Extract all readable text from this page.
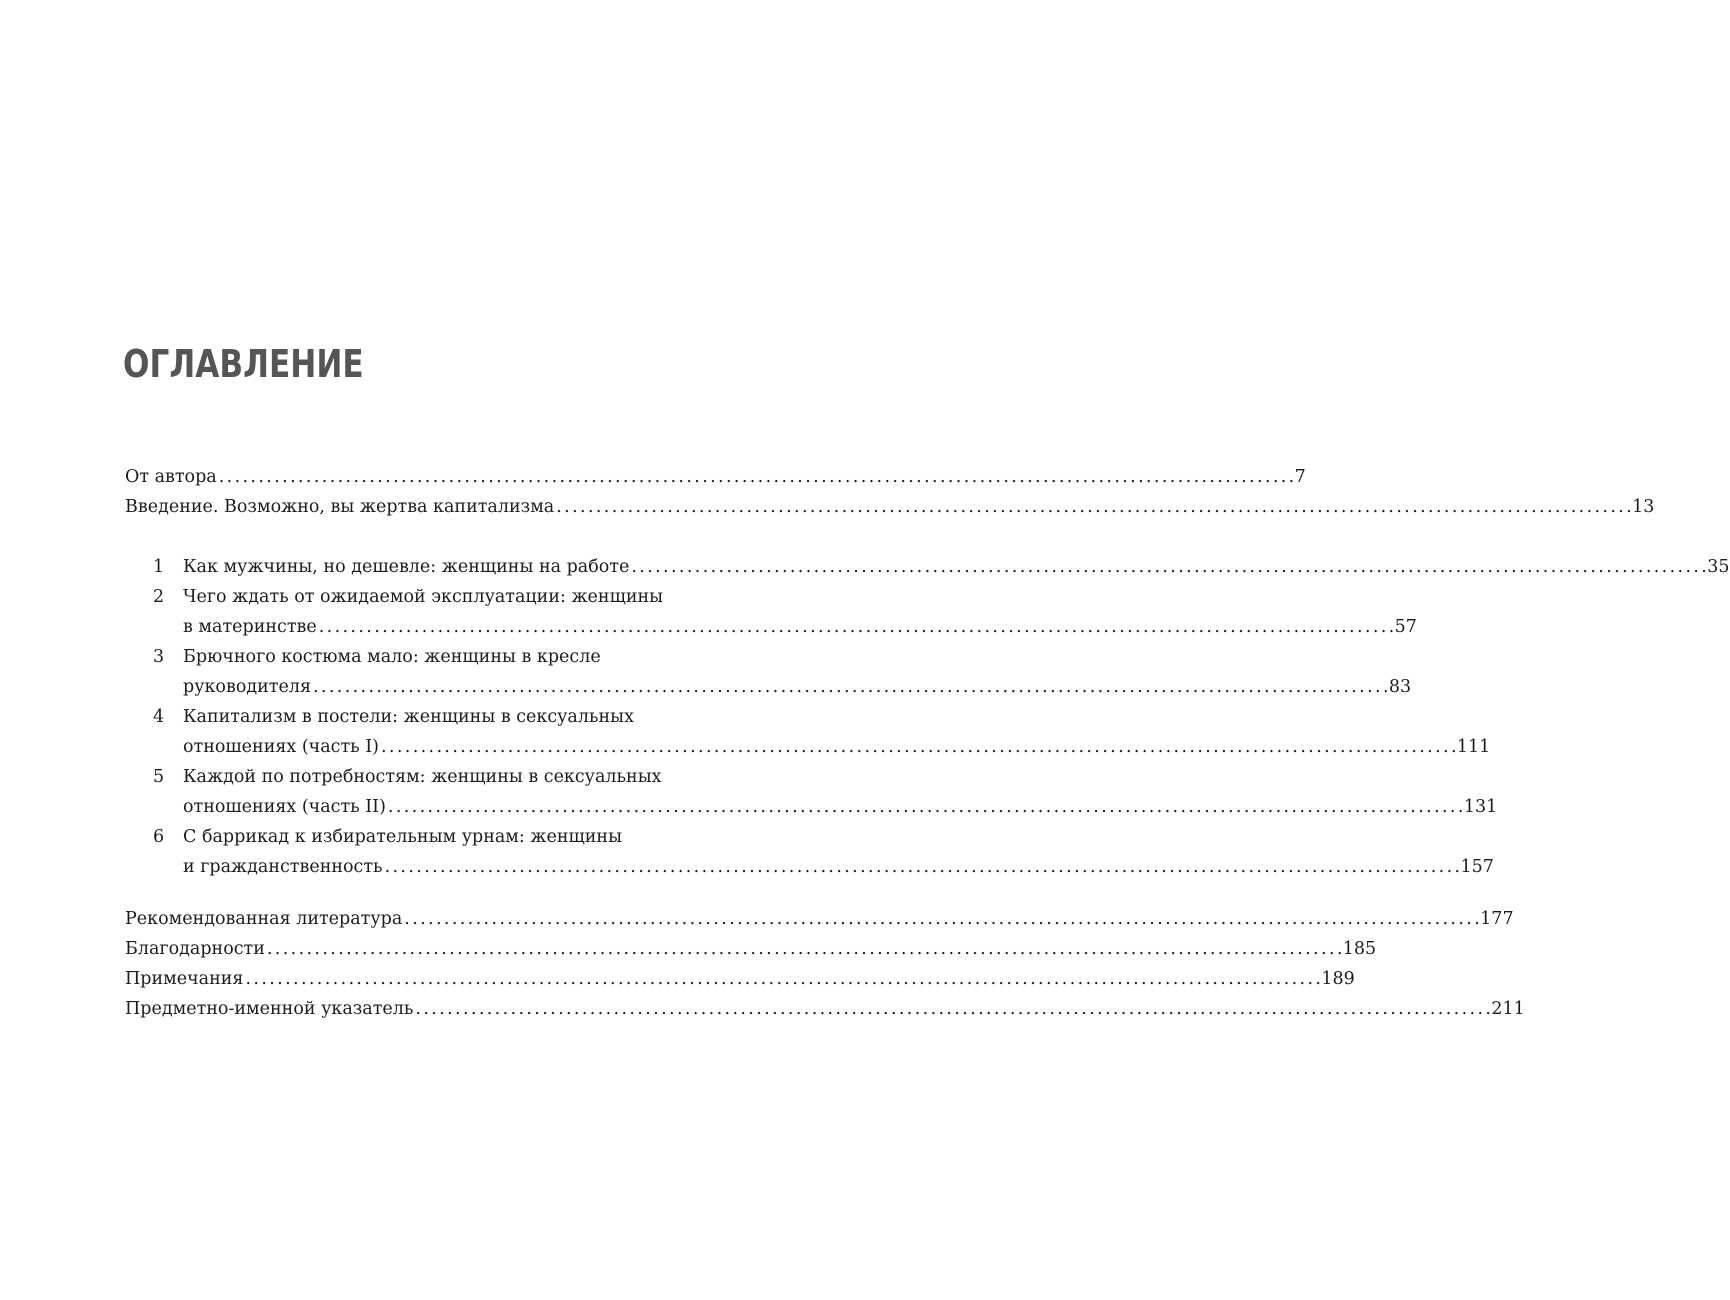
ОГЛАВЛЕНИЕ
От автора . . .	7
Введение. Возможно, вы жертва капитализма . . .	13
1	Как мужчины, но дешевле: женщины на работе . . .	35
2	Чего ждать от ожидаемой эксплуатации: женщины
в материнстве . . .	57
3	Брючного костюма мало: женщины в кресле
руководителя . . .	83
4	Капитализм в постели: женщины в сексуальных
отношениях (часть I) . . .	111
5	Каждой по потребностям: женщины в сексуальных
отношениях (часть II) . . .	131
6	С баррикад к избирательным урнам: женщины
и гражданственность . . .	157
Рекомендованная литература . . .	177
Благодарности . . .	185
Примечания . . .	189
Предметно-именной указатель . . .	211
